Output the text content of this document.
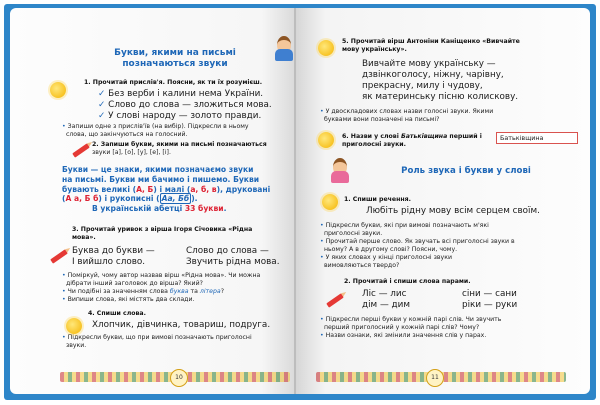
Букви, якими на письмі
позначаються звуки
1. Прочитай прислів'я. Поясни, як ти їх розумієш.
✓ Без верби і калини нема України.
✓ Слово до слова — зложиться мова.
✓ У слові народу — золото правди.
• Запиши одне з прислів'їв (на вибір). Підкресли в ньому
слова, що закінчуються на голосний.
2. Запиши букви, якими на письмі позначаються
звуки [а], [о], [у], [е], [і].
Букви — це знаки, якими позначаємо звуки
на письмі. Букви ми бачимо і пишемо. Букви
бувають великі (А, Б) і малі (а, б, в), друковані
(А а, Б б) і рукописні ( Аа, Бб ).
В українській абетці 33 букви.
3. Прочитай уривок з вірша Ігоря Січовика «Рідна
мова».
Буква до букви —
І вийшло слово.
Слово до слова —
Звучить рідна мова.
• Поміркуй, чому автор назвав вірш «Рідна мова». Чи можна
дібрати інший заголовок до вірша? Який?
• Чи подібні за значенням слова буква та літера?
• Випиши слова, які містять два склади.
4. Спиши слова.
Хлопчик, дівчинка, товариш, подруга.
• Підкресли букви, що при вимові позначають приголосні
звуки.
10
5. Прочитай вірш Антоніни Каніщенко «Вивчайте
мову українську».
Вивчайте мову українську —
дзвінкоголосу, ніжну, чарівну,
прекрасну, милу і чудову,
як материнську пісню колискову.
• У двоскладових словах назви голосні звуки. Якими
буквами вони позначені на письмі?
6. Назви у слові Батьківщина перший і
приголосні звуки.
Батьківщина
Роль звука і букви у слові
1. Спиши речення.
Любіть рідну мову всім серцем своїм.
• Підкресли букви, які при вимові позначають м'які
приголосні звуки.
• Прочитай перше слово. Як звучать всі приголосні звуки в
ньому? А в другому слові? Поясни, чому.
• У яких словах у кінці приголосні звуки
вимовляються твердо?
2. Прочитай і спиши слова парами.
Ліс — лис
дім — дим
сіни — сани
ріки — руки
• Підкресли перші букви у кожній парі слів. Чи звучить
перший приголосний у кожній парі слів? Чому?
• Назви ознаки, які змінили значення слів у парах.
11
